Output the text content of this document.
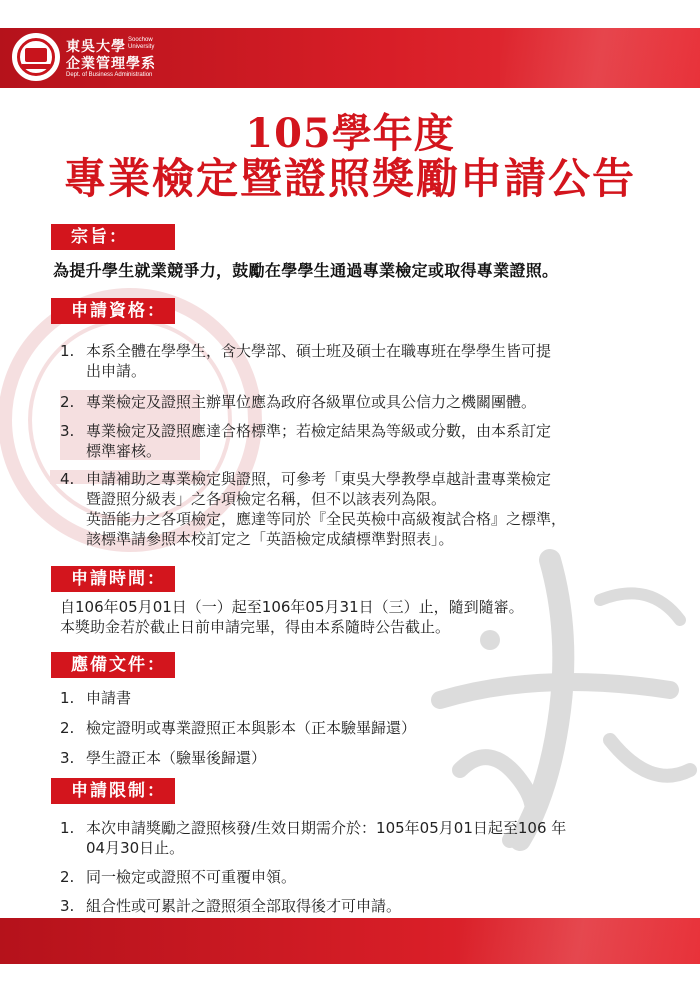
東吳大學 Soochow
University
企業管理學系
Dept. of Business Administration
105學年度
專業檢定暨證照獎勵申請公告
宗旨：
為提升學生就業競爭力，鼓勵在學學生通過專業檢定或取得專業證照。
申請資格：
1. 本系全體在學學生，含大學部、碩士班及碩士在職專班在學學生皆可提
出申請。
2. 專業檢定及證照主辦單位應為政府各級單位或具公信力之機關團體。
3. 專業檢定及證照應達合格標準；若檢定結果為等級或分數，由本系訂定
標準審核。
4. 申請補助之專業檢定與證照，可參考「東吳大學教學卓越計畫專業檢定
暨證照分級表」之各項檢定名稱，但不以該表列為限。
英語能力之各項檢定，應達等同於『全民英檢中高級複試合格』之標準，
該標準請參照本校訂定之「英語檢定成績標準對照表」。
申請時間：
自106年05月01日（一）起至106年05月31日（三）止，隨到隨審。
本獎助金若於截止日前申請完畢，得由本系隨時公告截止。
應備文件：
1. 申請書
2. 檢定證明或專業證照正本與影本（正本驗畢歸還）
3. 學生證正本（驗畢後歸還）
申請限制：
1. 本次申請獎勵之證照核發/生效日期需介於：105年05月01日起至106 年
04月30日止。
2. 同一檢定或證照不可重覆申領。
3. 組合性或可累計之證照須全部取得後才可申請。
